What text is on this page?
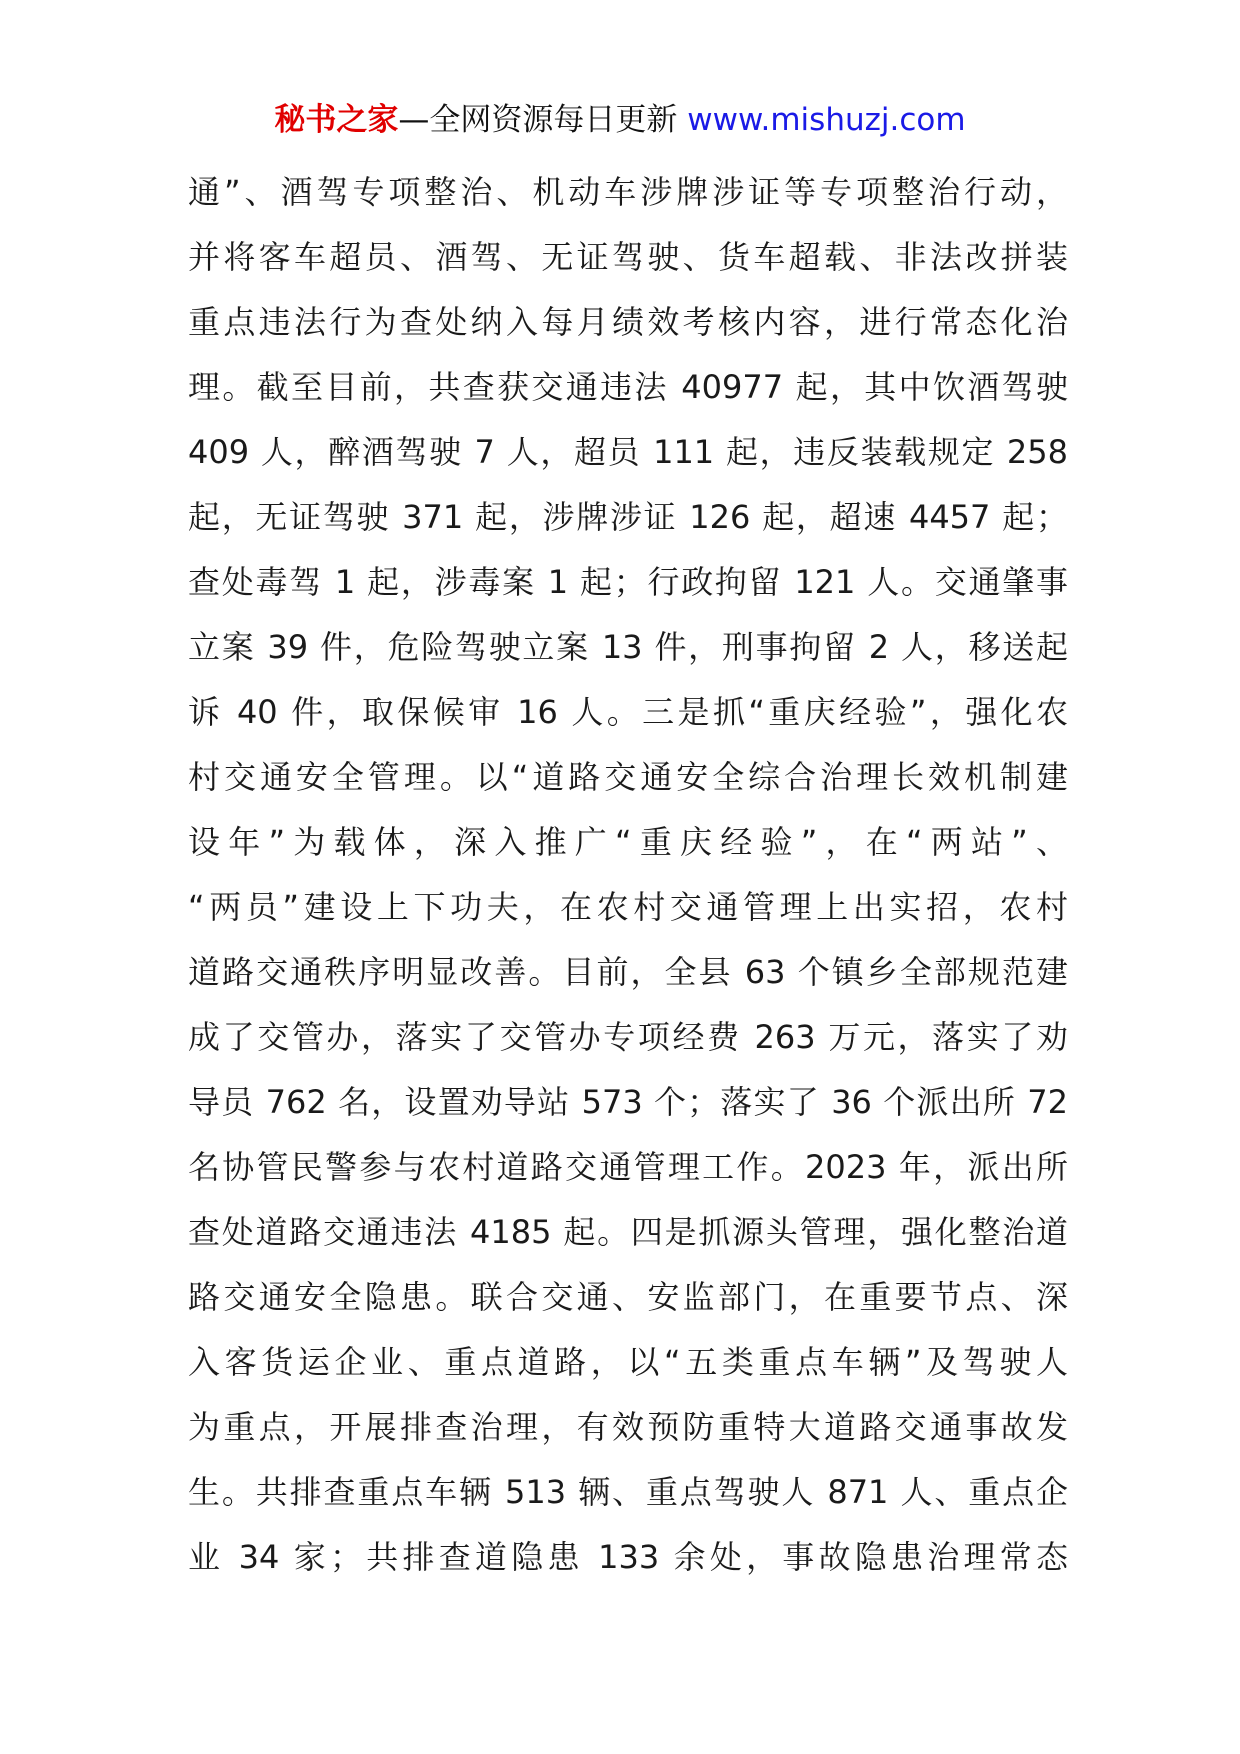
秘书之家—全网资源每日更新 www.mishuzj.com
通”、酒驾专项整治、机动车涉牌涉证等专项整治行动，
并将客车超员、酒驾、无证驾驶、货车超载、非法改拼装
重点违法行为查处纳入每月绩效考核内容，进行常态化治
理。截至目前，共查获交通违法 40977 起，其中饮酒驾驶
409 人，醉酒驾驶 7 人，超员 111 起，违反装载规定 258
起，无证驾驶 371 起，涉牌涉证 126 起，超速 4457 起；
查处毒驾 1 起，涉毒案 1 起；行政拘留 121 人。交通肇事
立案 39 件，危险驾驶立案 13 件，刑事拘留 2 人，移送起
诉 40 件，取保候审 16 人。三是抓“重庆经验”，强化农
村交通安全管理。以“道路交通安全综合治理长效机制建
设年”为载体，深入推广“重庆经验”，在“两站”、
“两员”建设上下功夫，在农村交通管理上出实招，农村
道路交通秩序明显改善。目前，全县 63 个镇乡全部规范建
成了交管办，落实了交管办专项经费 263 万元，落实了劝
导员 762 名，设置劝导站 573 个；落实了 36 个派出所 72
名协管民警参与农村道路交通管理工作。2023 年，派出所
查处道路交通违法 4185 起。四是抓源头管理，强化整治道
路交通安全隐患。联合交通、安监部门，在重要节点、深
入客货运企业、重点道路，以“五类重点车辆”及驾驶人
为重点，开展排查治理，有效预防重特大道路交通事故发
生。共排查重点车辆 513 辆、重点驾驶人 871 人、重点企
业 34 家；共排查道隐患 133 余处，事故隐患治理常态
